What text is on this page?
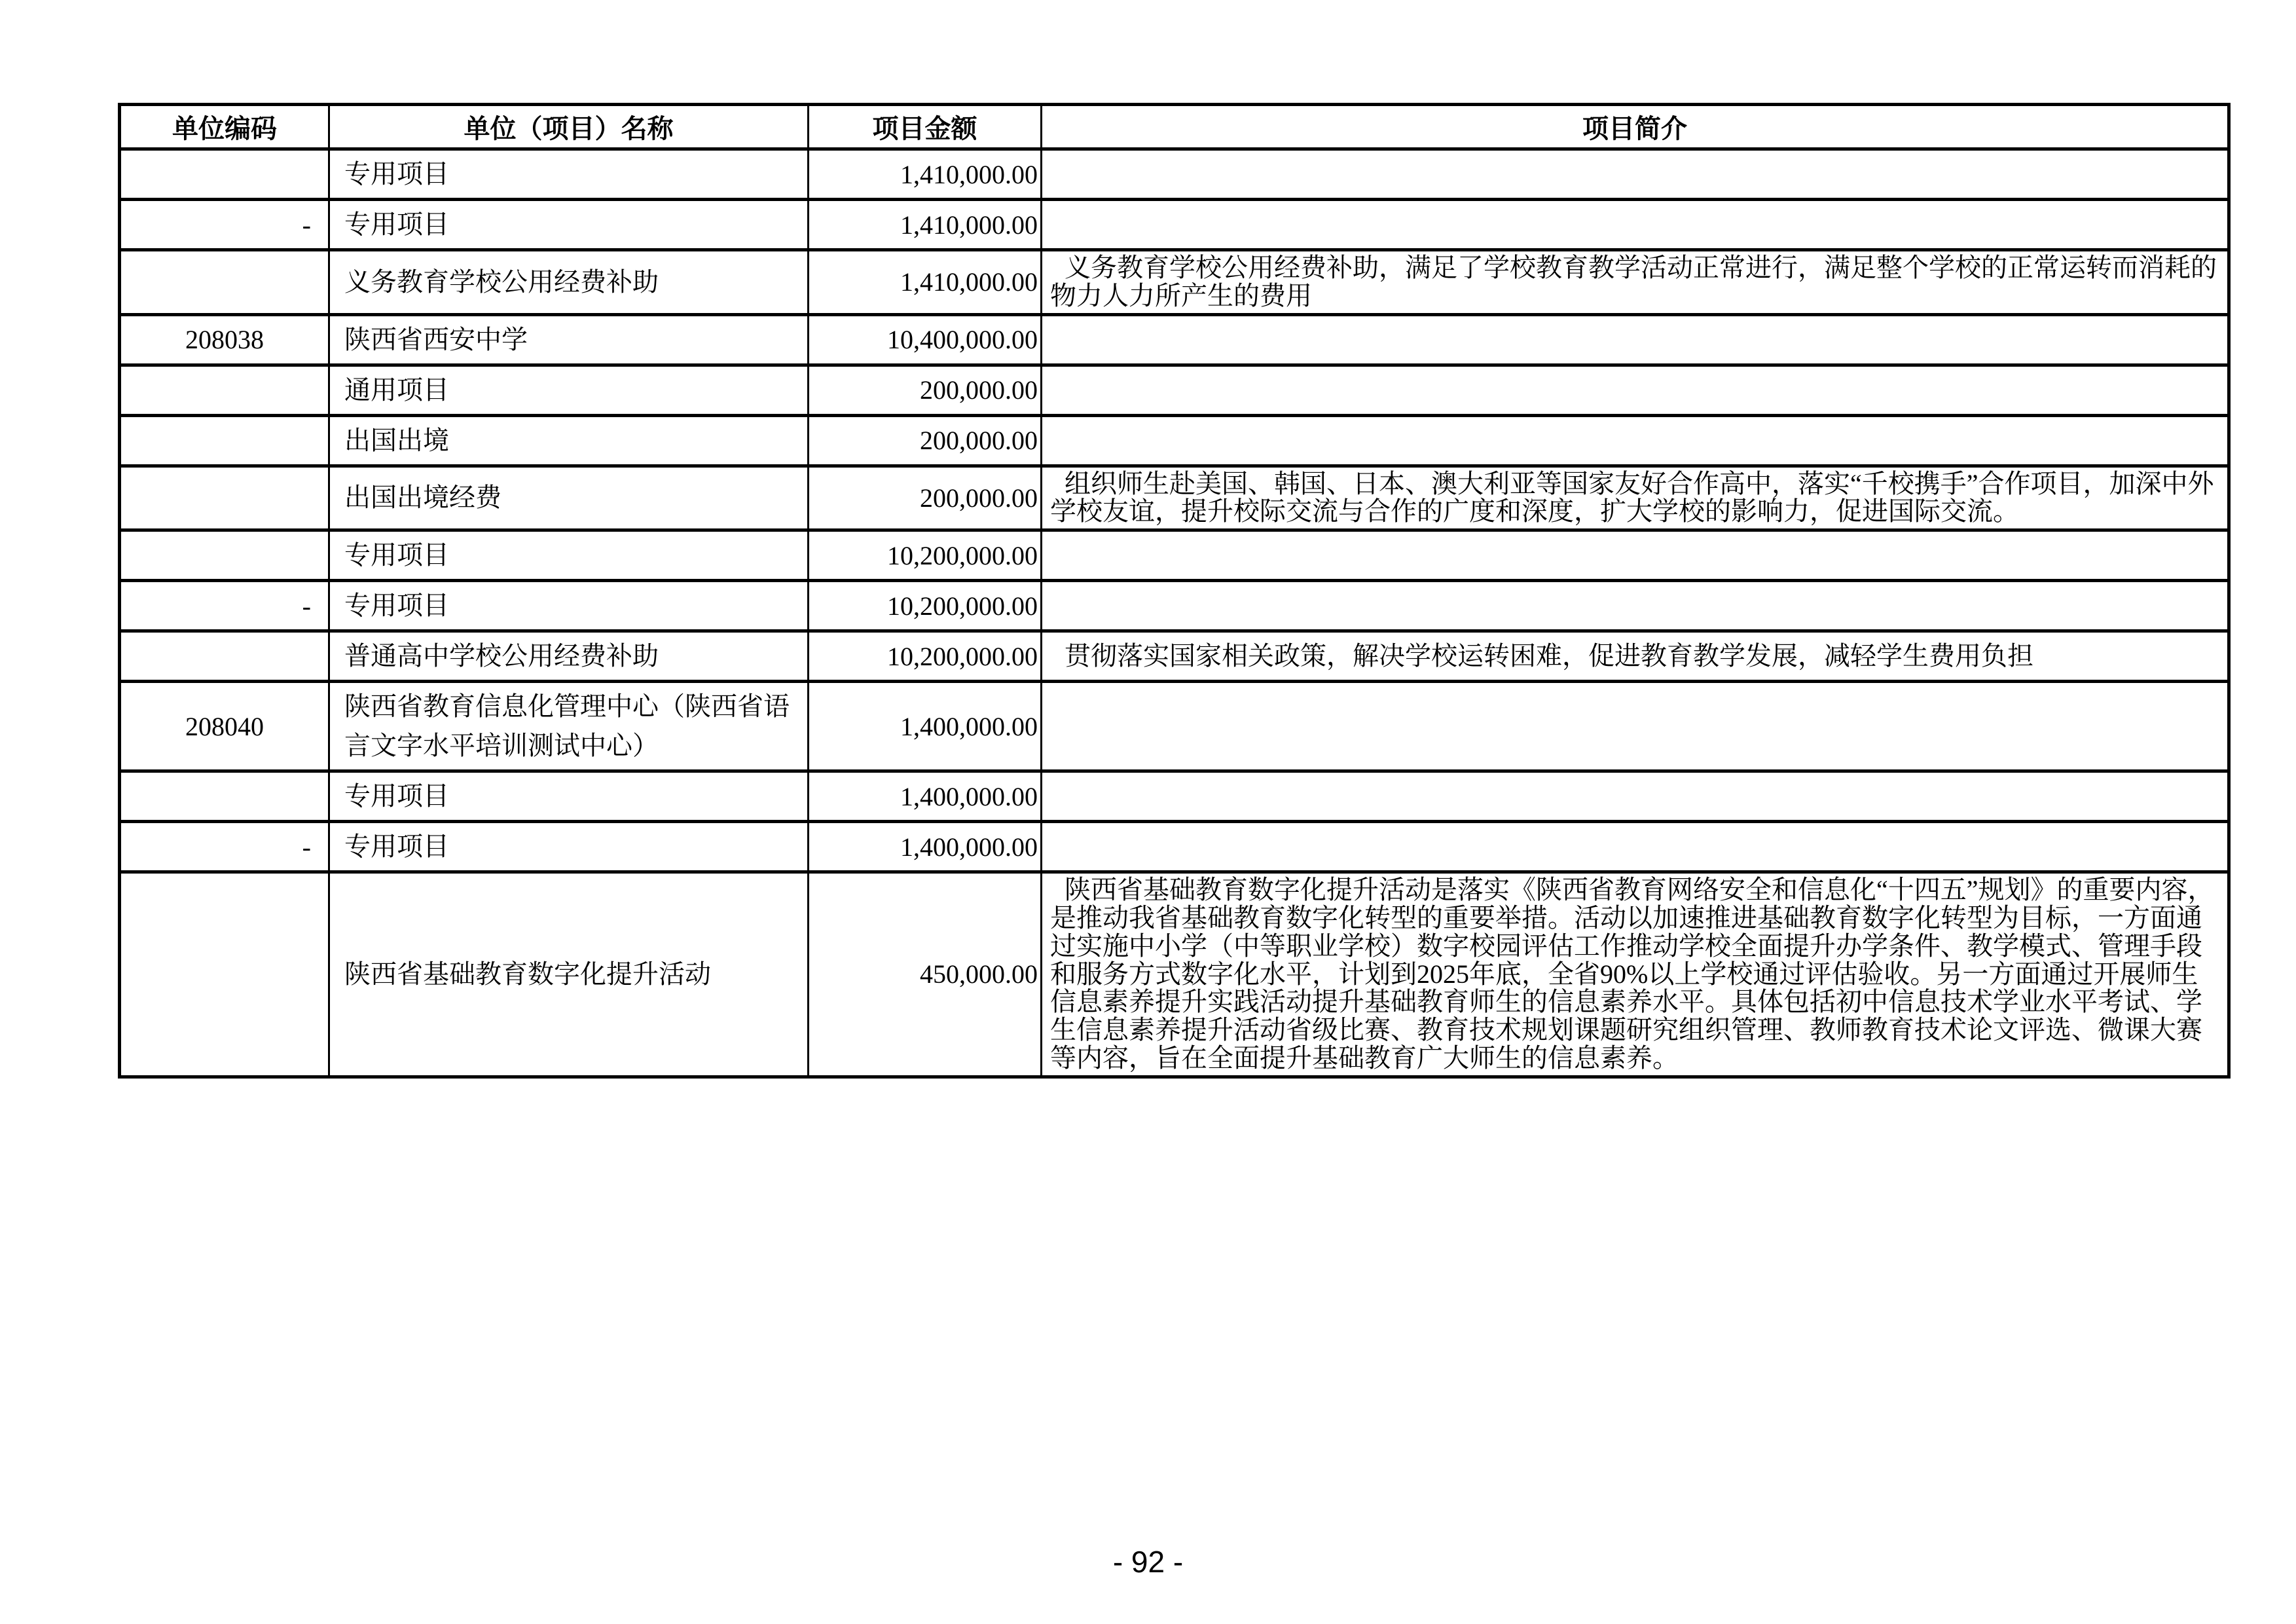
单位编码	单位（项目）名称	项目金额	项目简介
	专用项目	1,410,000.00	
-	专用项目	1,410,000.00	
	义务教育学校公用经费补助	1,410,000.00	义务教育学校公用经费补助，满足了学校教育教学活动正常进行，满足整个学校的正常运转而消耗的物力人力所产生的费用
208038	陕西省西安中学	10,400,000.00	
	通用项目	200,000.00	
	出国出境	200,000.00	
	出国出境经费	200,000.00	组织师生赴美国、韩国、日本、澳大利亚等国家友好合作高中，落实“千校携手”合作项目，加深中外学校友谊，提升校际交流与合作的广度和深度，扩大学校的影响力，促进国际交流。
	专用项目	10,200,000.00	
-	专用项目	10,200,000.00	
	普通高中学校公用经费补助	10,200,000.00	贯彻落实国家相关政策，解决学校运转困难，促进教育教学发展，减轻学生费用负担
208040	陕西省教育信息化管理中心（陕西省语言文字水平培训测试中心）	1,400,000.00	
	专用项目	1,400,000.00	
-	专用项目	1,400,000.00	
	陕西省基础教育数字化提升活动	450,000.00	陕西省基础教育数字化提升活动是落实《陕西省教育网络安全和信息化“十四五”规划》的重要内容，是推动我省基础教育数字化转型的重要举措。活动以加速推进基础教育数字化转型为目标，一方面通过实施中小学（中等职业学校）数字校园评估工作推动学校全面提升办学条件、教学模式、管理手段和服务方式数字化水平，计划到2025年底，全省90%以上学校通过评估验收。另一方面通过开展师生信息素养提升实践活动提升基础教育师生的信息素养水平。具体包括初中信息技术学业水平考试、学生信息素养提升活动省级比赛、教育技术规划课题研究组织管理、教师教育技术论文评选、微课大赛等内容，旨在全面提升基础教育广大师生的信息素养。
- 92 -
